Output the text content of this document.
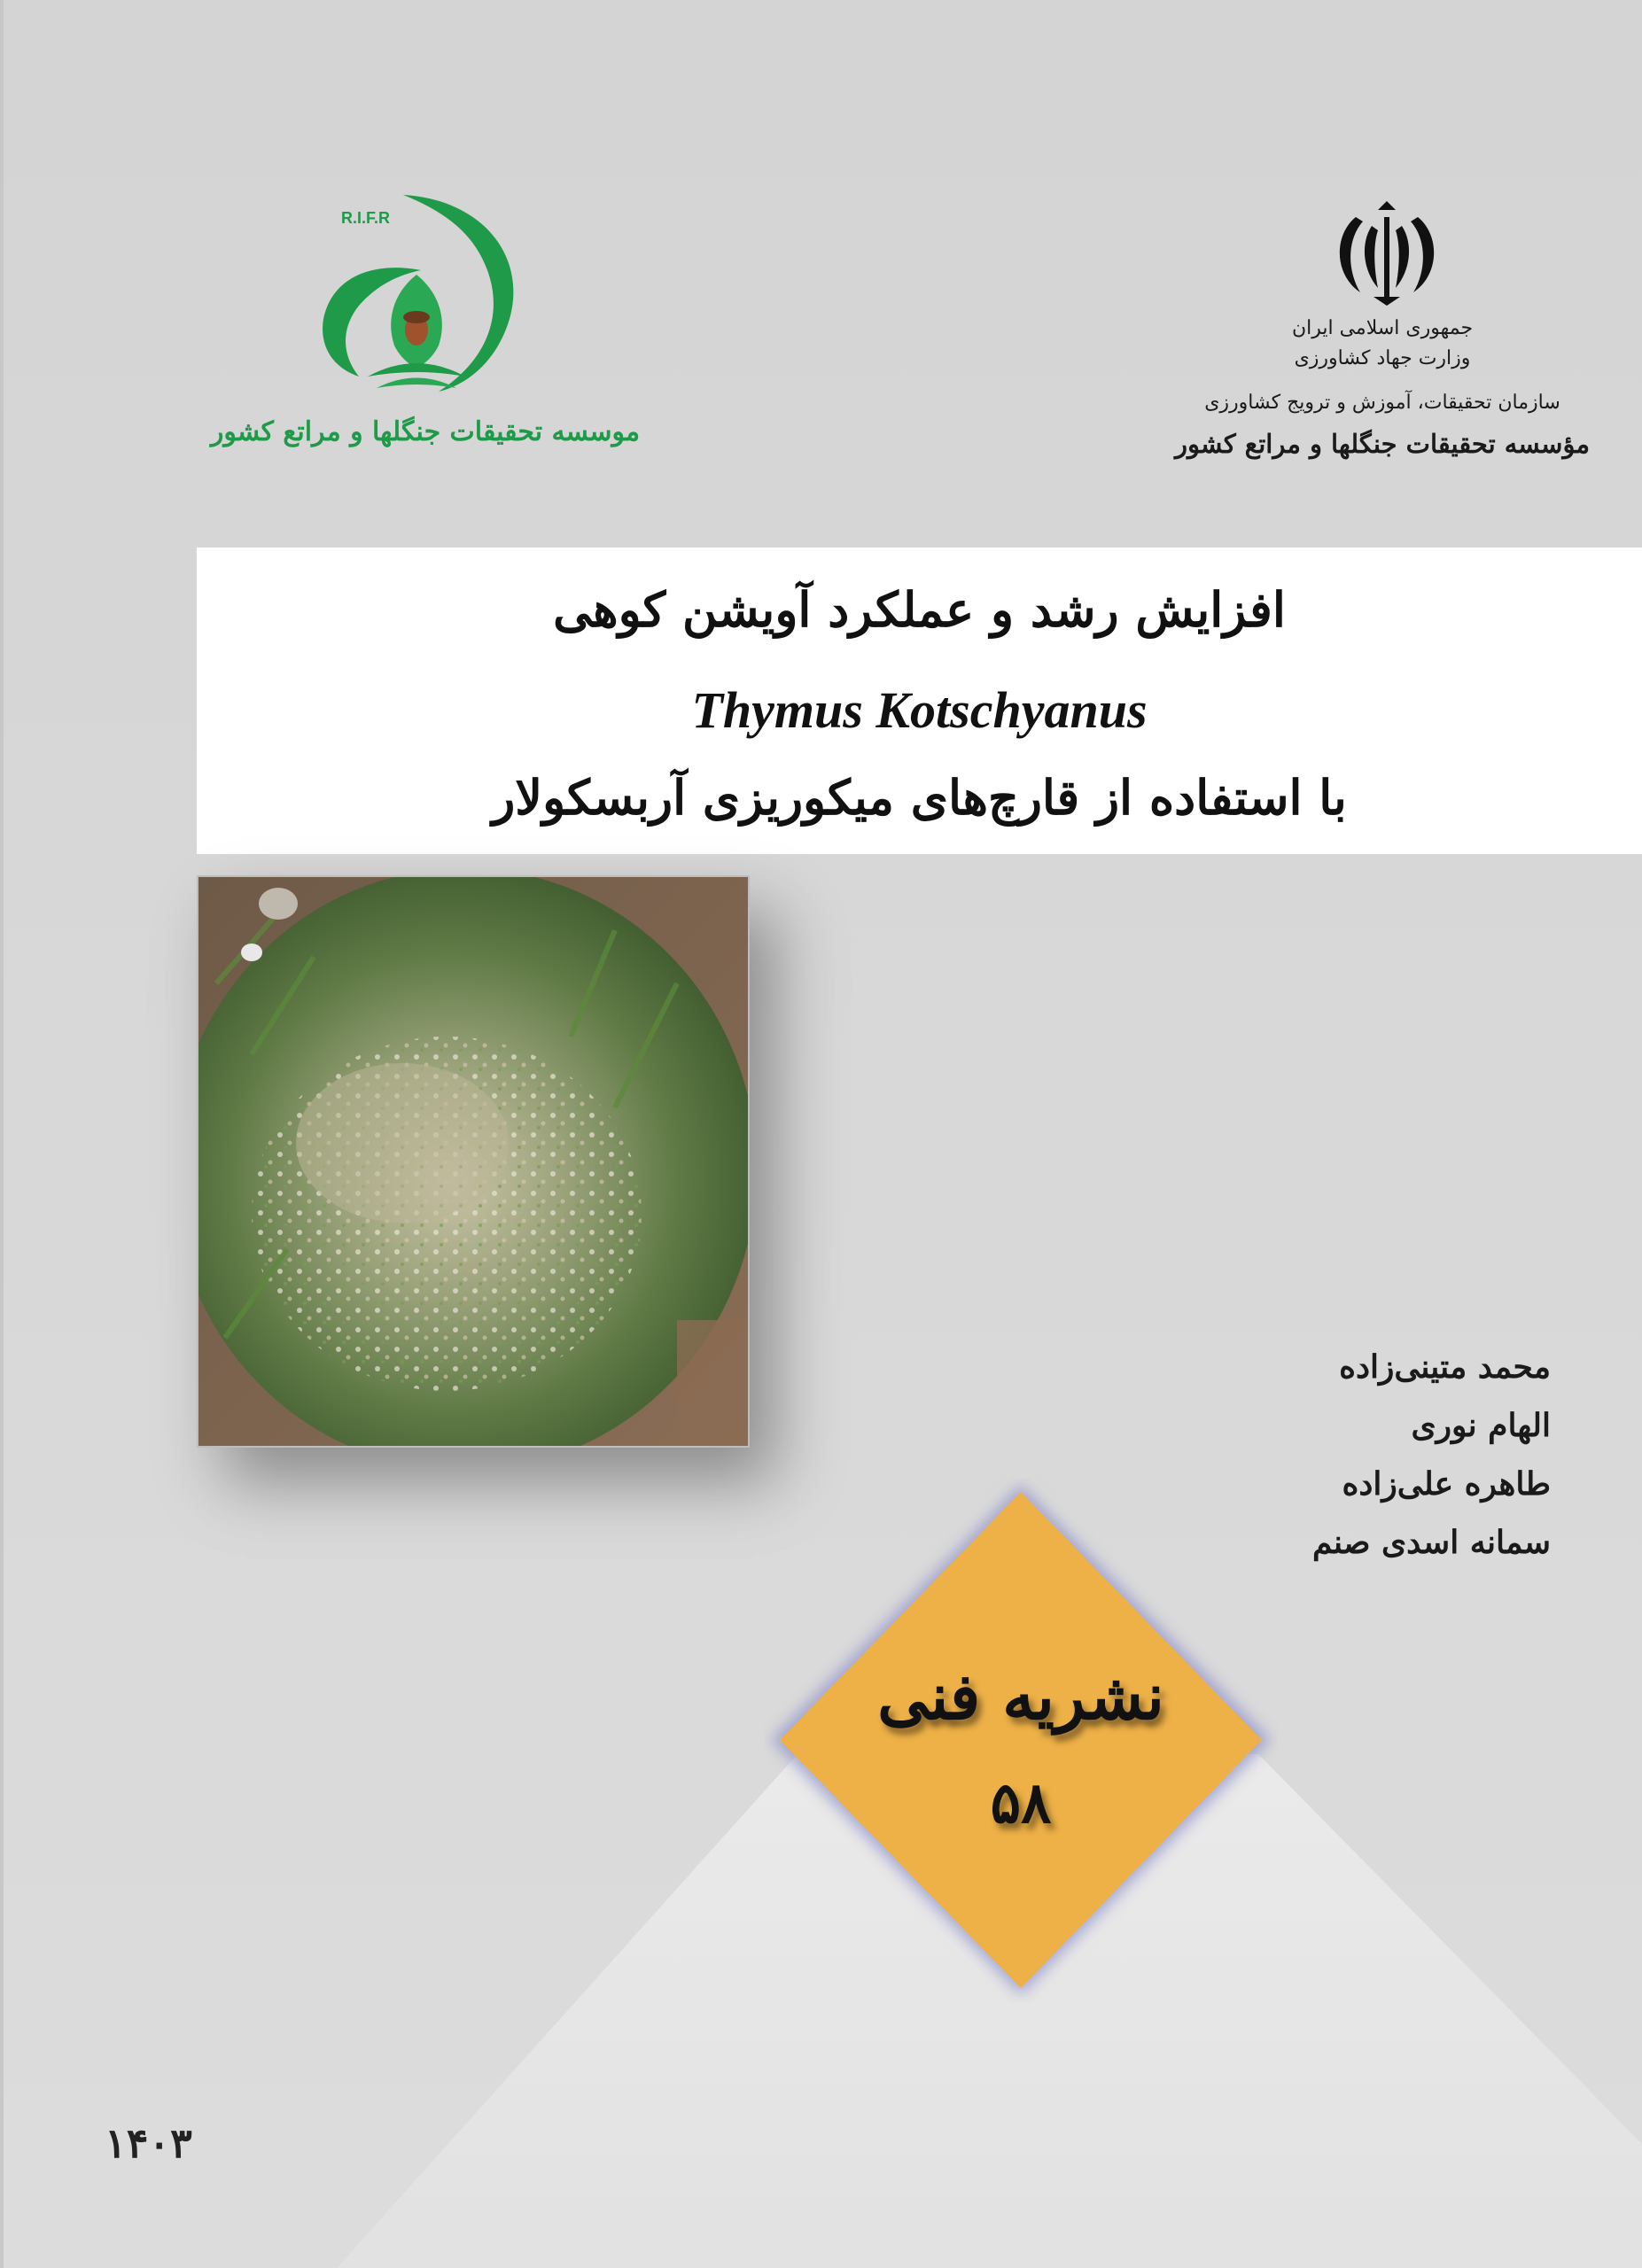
R.I.F.R
موسسه تحقیقات جنگلها و مراتع کشور
جمهوری اسلامی ایران
وزارت جهاد کشاورزی
سازمان تحقیقات، آموزش و ترویج کشاورزی
مؤسسه تحقیقات جنگلها و مراتع کشور
افزایش رشد و عملکرد آویشن کوهی
Thymus Kotschyanus
با استفاده از قارچ‌های میکوریزی آربسکولار
محمد متینی‌زاده
الهام نوری
طاهره علی‌زاده
سمانه اسدی صنم
نشریه فنی
۵۸
۱۴۰۳
